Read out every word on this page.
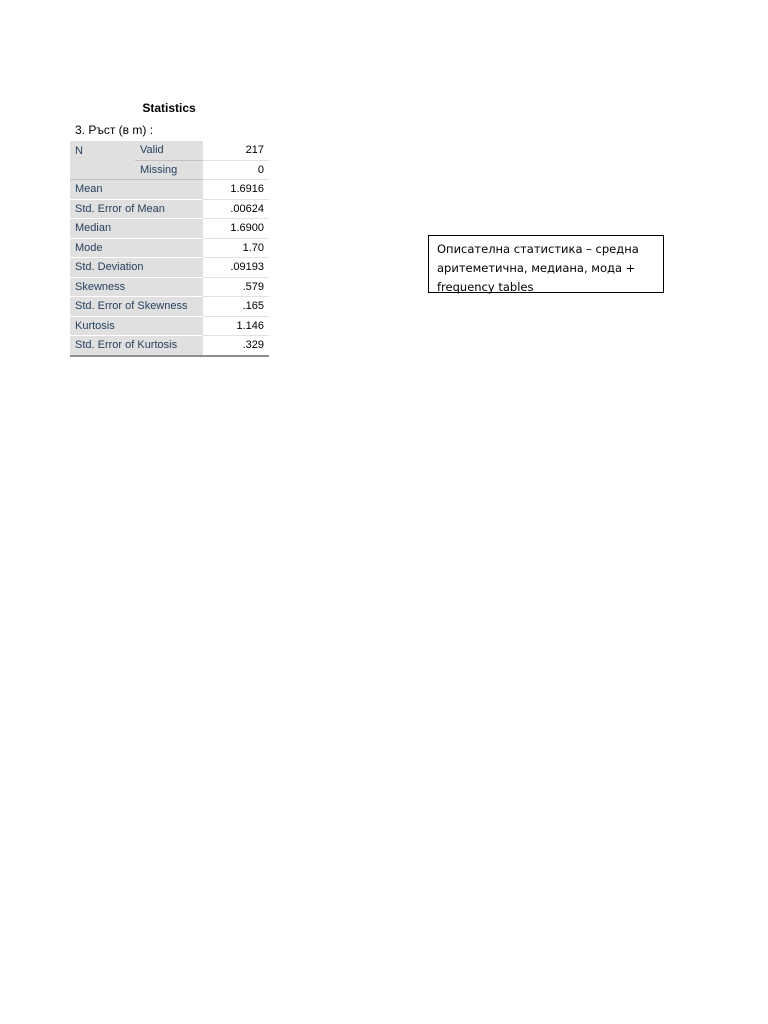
Statistics
3. Ръст (в m) :
N	Valid	217
	Missing	0
Mean		1.6916
Std. Error of Mean		.00624
Median		1.6900
Mode		1.70
Std. Deviation		.09193
Skewness		.579
Std. Error of Skewness		.165
Kurtosis		1.146
Std. Error of Kurtosis		.329
Описателна статистика – средна аритеметична, медиана, мода + frequency tables
